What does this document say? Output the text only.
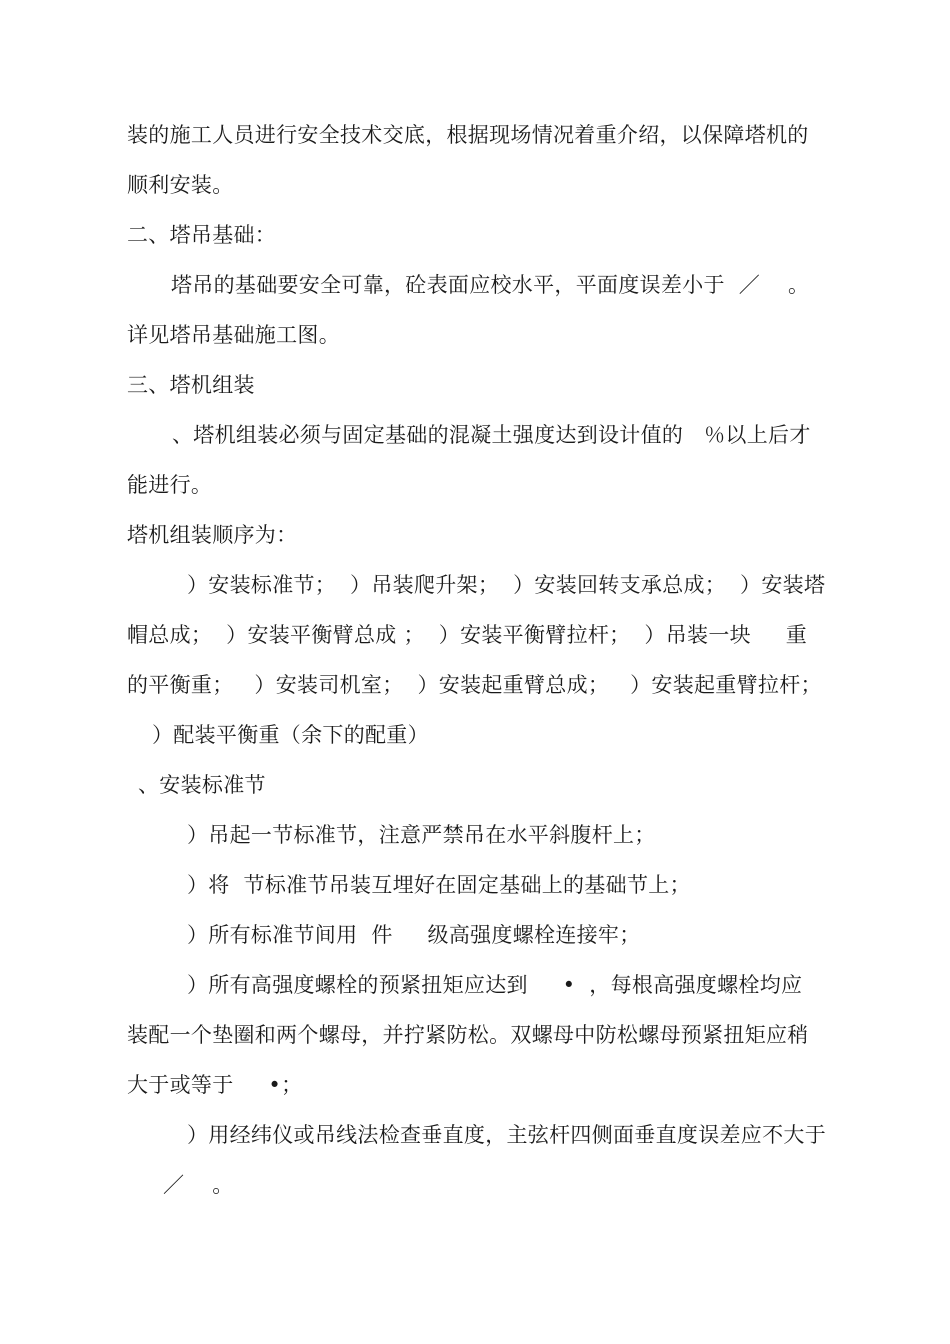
装的施工人员进行安全技术交底，根据现场情况着重介绍，以保障塔机的
顺利安装。
二、塔吊基础：
塔吊的基础要安全可靠，砼表面应校水平，平面度误差小于  ／    。
详见塔吊基础施工图。
三、塔机组装
、塔机组装必须与固定基础的混凝土强度达到设计值的   ％以上后才
能进行。
塔机组装顺序为：
）安装标准节；  ）吊装爬升架；  ）安装回转支承总成；  ）安装塔
帽总成；  ）安装平衡臂总成 ；  ）安装平衡臂拉杆；  ）吊装一块     重
的平衡重；   ）安装司机室；  ）安装起重臂总成；   ）安装起重臂拉杆；
）配装平衡重（余下的配重）
、安装标准节
）吊起一节标准节，注意严禁吊在水平斜腹杆上；
）将  节标准节吊装互埋好在固定基础上的基础节上；
）所有标准节间用  件     级高强度螺栓连接牢；
）所有高强度螺栓的预紧扭矩应达到     •  ，每根高强度螺栓均应
装配一个垫圈和两个螺母，并拧紧防松。双螺母中防松螺母预紧扭矩应稍
大于或等于     •；
）用经纬仪或吊线法检查垂直度，主弦杆四侧面垂直度误差应不大于
／    。
